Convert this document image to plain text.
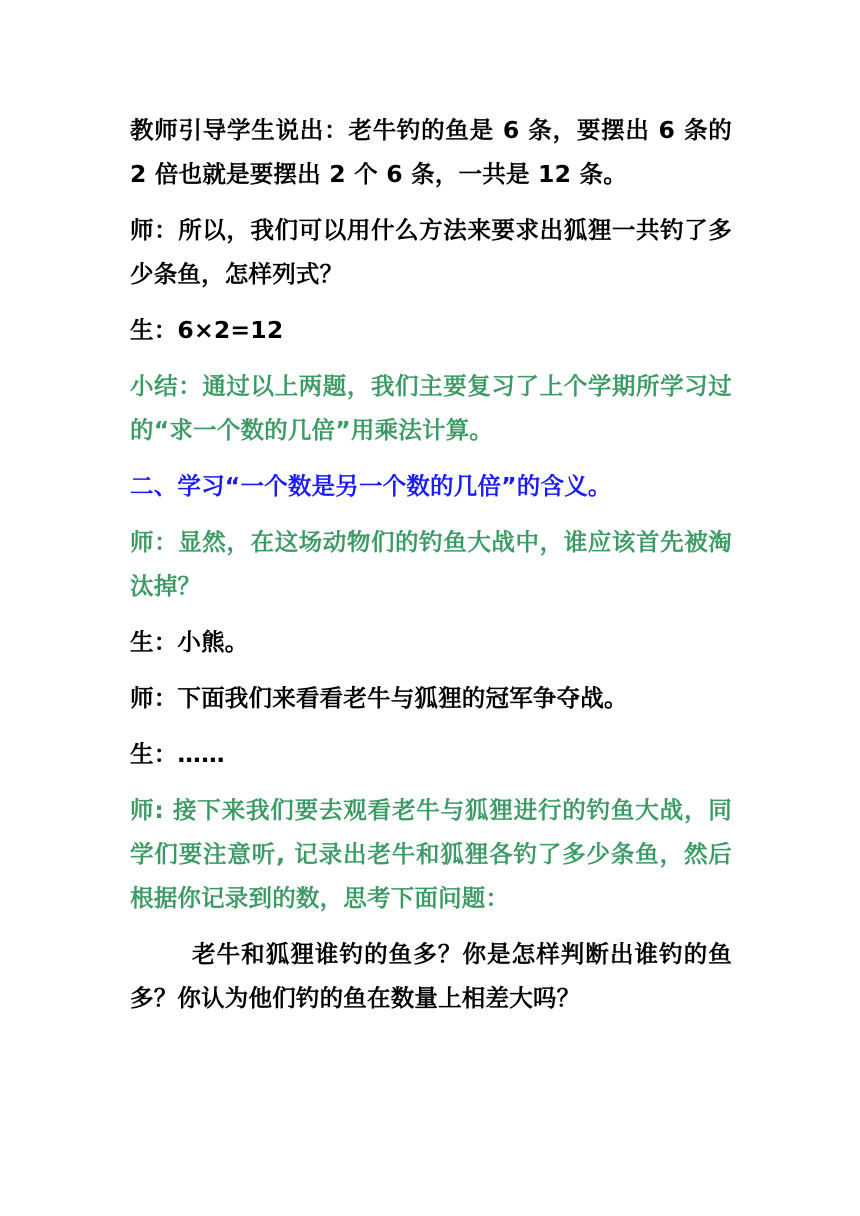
教师引导学生说出：老牛钓的鱼是 6 条，要摆出 6 条的 2 倍也就是要摆出 2 个 6 条，一共是 12 条。

师：所以，我们可以用什么方法来要求出狐狸一共钓了多少条鱼，怎样列式？

生：6×2=12

小结：通过以上两题，我们主要复习了上个学期所学习过的“求一个数的几倍”用乘法计算。

二、学习“一个数是另一个数的几倍”的含义。

师：显然，在这场动物们的钓鱼大战中，谁应该首先被淘汰掉？

生：小熊。

师：下面我们来看看老牛与狐狸的冠军争夺战。

生：……

师: 接下来我们要去观看老牛与狐狸进行的钓鱼大战，同学们要注意听, 记录出老牛和狐狸各钓了多少条鱼，然后根据你记录到的数，思考下面问题：

老牛和狐狸谁钓的鱼多？你是怎样判断出谁钓的鱼多？你认为他们钓的鱼在数量上相差大吗？
